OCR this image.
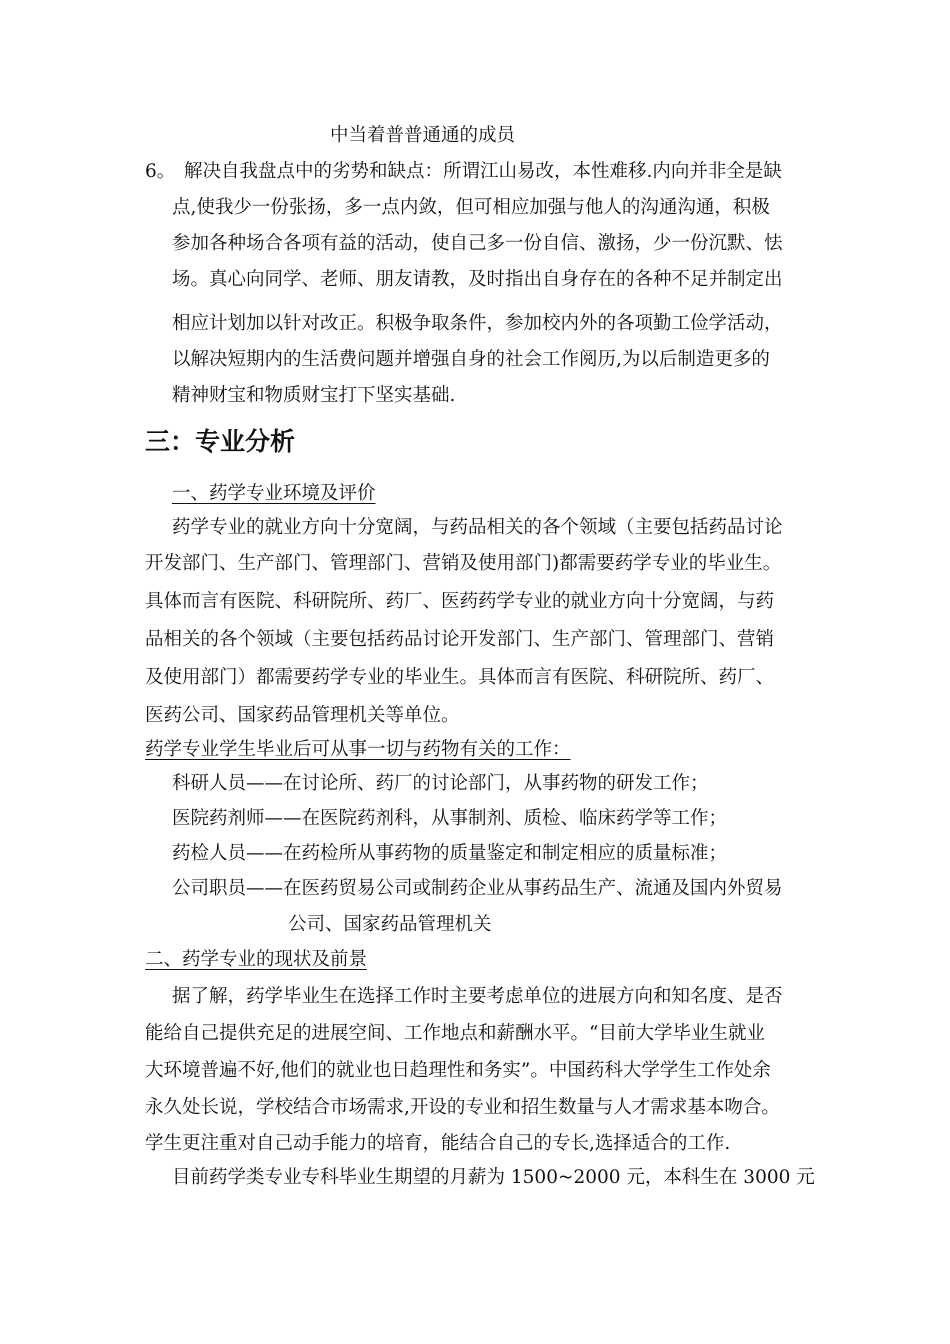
中当着普普通通的成员
6。 解决自我盘点中的劣势和缺点：所谓江山易改，本性难移.内向并非全是缺
点,使我少一份张扬，多一点内敛，但可相应加强与他人的沟通沟通，积极
参加各种场合各项有益的活动，使自己多一份自信、激扬，少一份沉默、怯
场。真心向同学、老师、朋友请教，及时指出自身存在的各种不足并制定出
相应计划加以针对改正。积极争取条件，参加校内外的各项勤工俭学活动，
以解决短期内的生活费问题并增强自身的社会工作阅历,为以后制造更多的
精神财宝和物质财宝打下坚实基础.
三：专业分析
一、药学专业环境及评价
药学专业的就业方向十分宽阔，与药品相关的各个领域（主要包括药品讨论
开发部门、生产部门、管理部门、营销及使用部门)都需要药学专业的毕业生。
具体而言有医院、科研院所、药厂、医药药学专业的就业方向十分宽阔，与药
品相关的各个领域（主要包括药品讨论开发部门、生产部门、管理部门、营销
及使用部门）都需要药学专业的毕业生。具体而言有医院、科研院所、药厂、
医药公司、国家药品管理机关等单位。
药学专业学生毕业后可从事一切与药物有关的工作：
科研人员——在讨论所、药厂的讨论部门，从事药物的研发工作；
医院药剂师——在医院药剂科，从事制剂、质检、临床药学等工作；
药检人员——在药检所从事药物的质量鉴定和制定相应的质量标准；
公司职员——在医药贸易公司或制药企业从事药品生产、流通及国内外贸易
公司、国家药品管理机关
二、药学专业的现状及前景
据了解，药学毕业生在选择工作时主要考虑单位的进展方向和知名度、是否
能给自己提供充足的进展空间、工作地点和薪酬水平。“目前大学毕业生就业
大环境普遍不好,他们的就业也日趋理性和务实”。中国药科大学学生工作处余
永久处长说，学校结合市场需求,开设的专业和招生数量与人才需求基本吻合。
学生更注重对自己动手能力的培育，能结合自己的专长,选择适合的工作.
目前药学类专业专科毕业生期望的月薪为 1500~2000 元，本科生在 3000 元
